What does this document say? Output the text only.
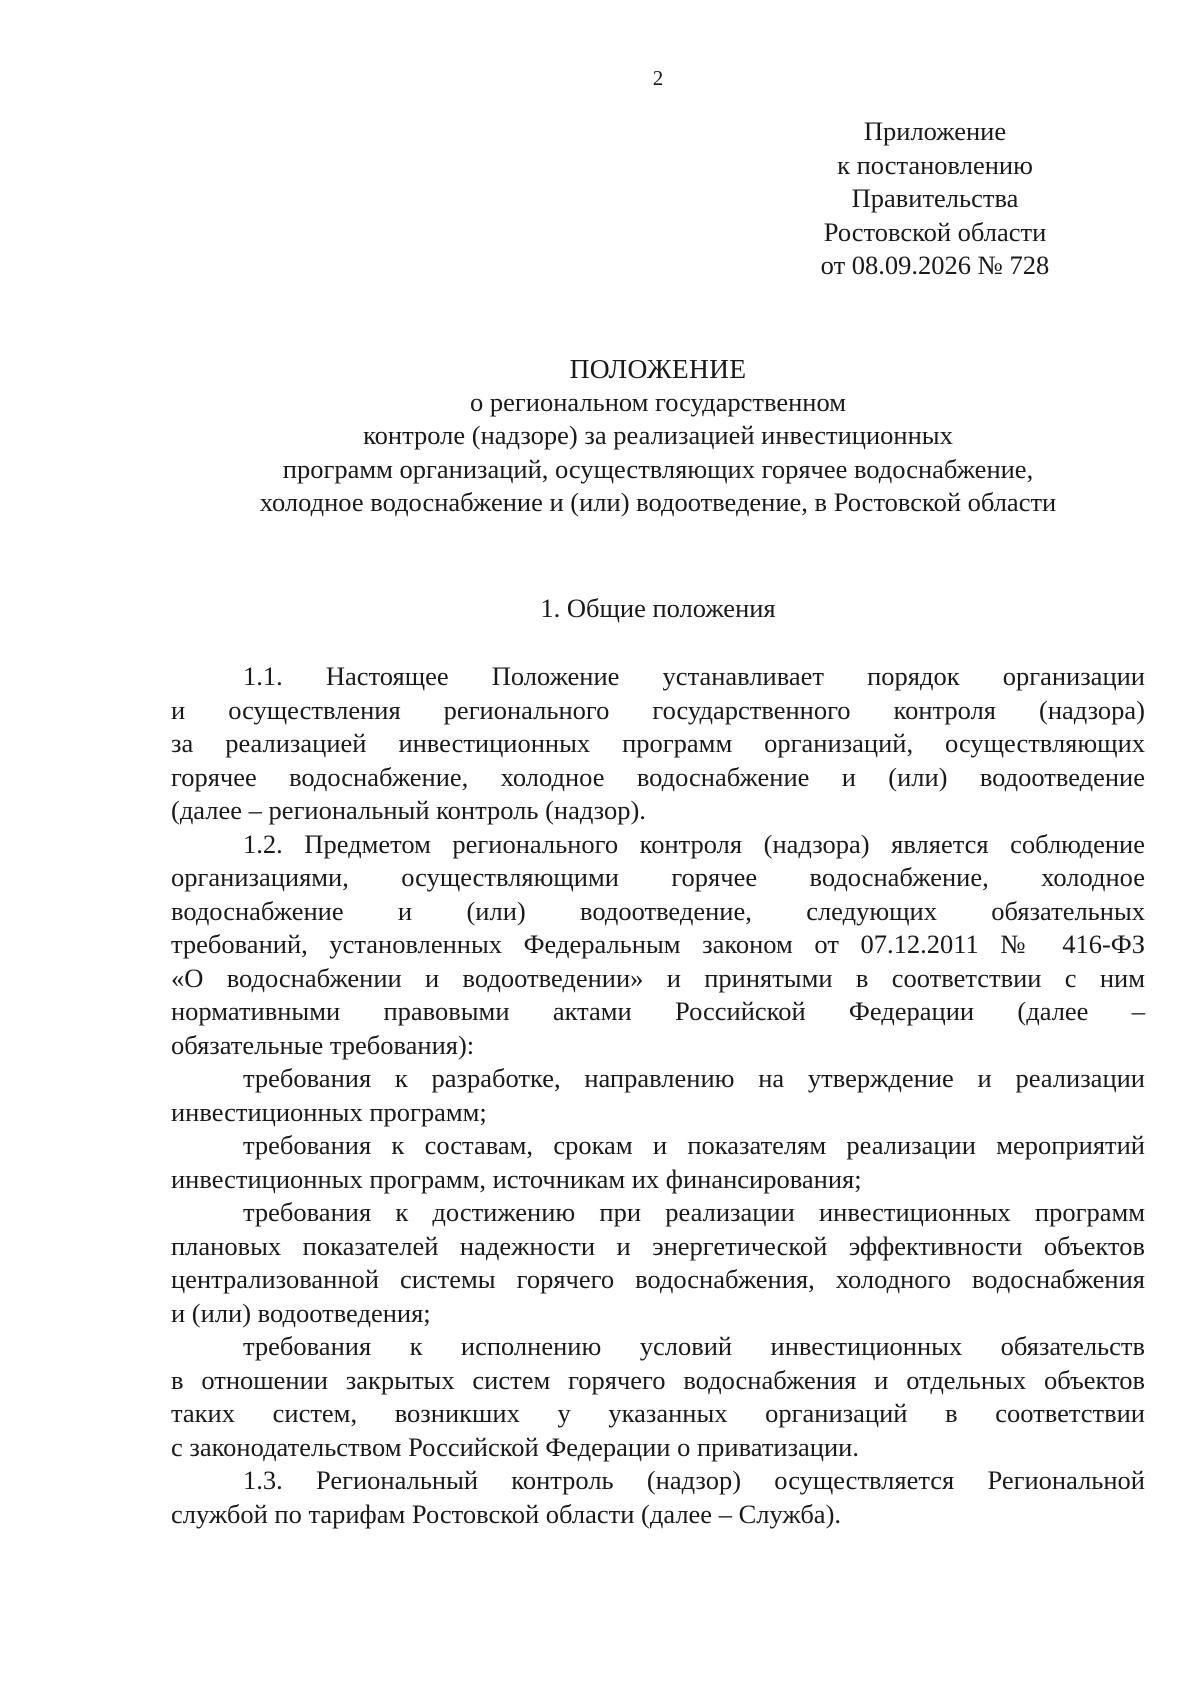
2
Приложение
к постановлению
Правительства
Ростовской области
от 08.09.2026 № 728
ПОЛОЖЕНИЕ
о региональном государственном
контроле (надзоре) за реализацией инвестиционных
программ организаций, осуществляющих горячее водоснабжение,
холодное водоснабжение и (или) водоотведение, в Ростовской области
1. Общие положения
1.1. Настоящее Положение устанавливает порядок организации
и осуществления регионального государственного контроля (надзора)
за реализацией инвестиционных программ организаций, осуществляющих
горячее водоснабжение, холодное водоснабжение и (или) водоотведение
(далее – региональный контроль (надзор).
1.2. Предметом регионального контроля (надзора) является соблюдение
организациями, осуществляющими горячее водоснабжение, холодное
водоснабжение и (или) водоотведение, следующих обязательных
требований, установленных Федеральным законом от 07.12.2011 № 416-ФЗ
«О водоснабжении и водоотведении» и принятыми в соответствии с ним
нормативными правовыми актами Российской Федерации (далее –
обязательные требования):
требования к разработке, направлению на утверждение и реализации
инвестиционных программ;
требования к составам, срокам и показателям реализации мероприятий
инвестиционных программ, источникам их финансирования;
требования к достижению при реализации инвестиционных программ
плановых показателей надежности и энергетической эффективности объектов
централизованной системы горячего водоснабжения, холодного водоснабжения
и (или) водоотведения;
требования к исполнению условий инвестиционных обязательств
в отношении закрытых систем горячего водоснабжения и отдельных объектов
таких систем, возникших у указанных организаций в соответствии
с законодательством Российской Федерации о приватизации.
1.3. Региональный контроль (надзор) осуществляется Региональной
службой по тарифам Ростовской области (далее – Служба).
